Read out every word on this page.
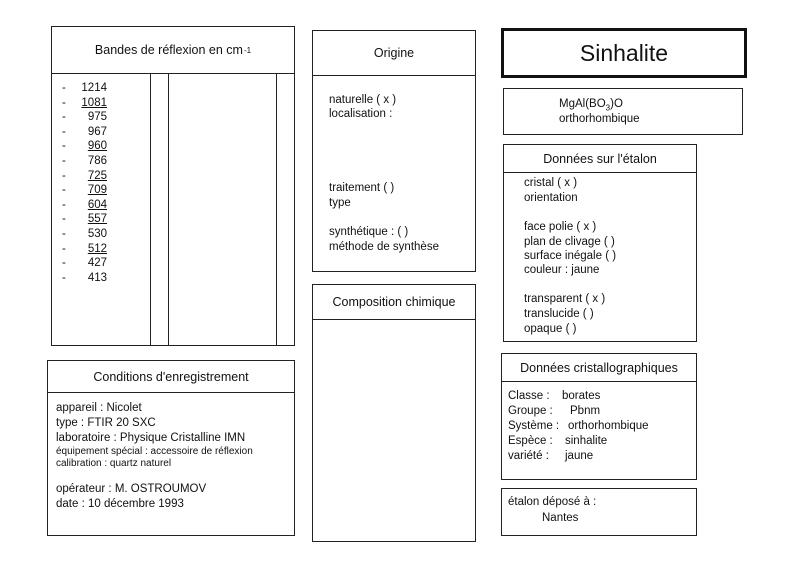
Bandes de réflexion en cm -1
- 1214
- 1081
- 975
- 967
- 960
- 786
- 725
- 709
- 604
- 557
- 530
- 512
- 427
- 413
Origine
naturelle ( x )
localisation :
traitement ( )
type
synthétique : ( )
méthode de synthèse
Composition chimique
Sinhalite
$MgAl(BO_3)O$
orthorhombique
Données sur l'étalon
cristal ( x )
orientation
face polie ( x )
plan de clivage ( )
surface inégale ( )
couleur : jaune
transparent ( x )
translucide ( )
opaque ( )
Conditions d'enregistrement
appareil : Nicolet
type : FTIR 20 SXC
laboratoire : Physique Cristalline IMN
équipement spécial : accessoire de réflexion
calibration : quartz naturel
opérateur : M. OSTROUMOV
date : 10 décembre 1993
Données cristallographiques
Classe : borates
Groupe : Pbnm
Système : orthorhombique
Espèce : sinhalite
variété : jaune
étalon déposé à :
Nantes
